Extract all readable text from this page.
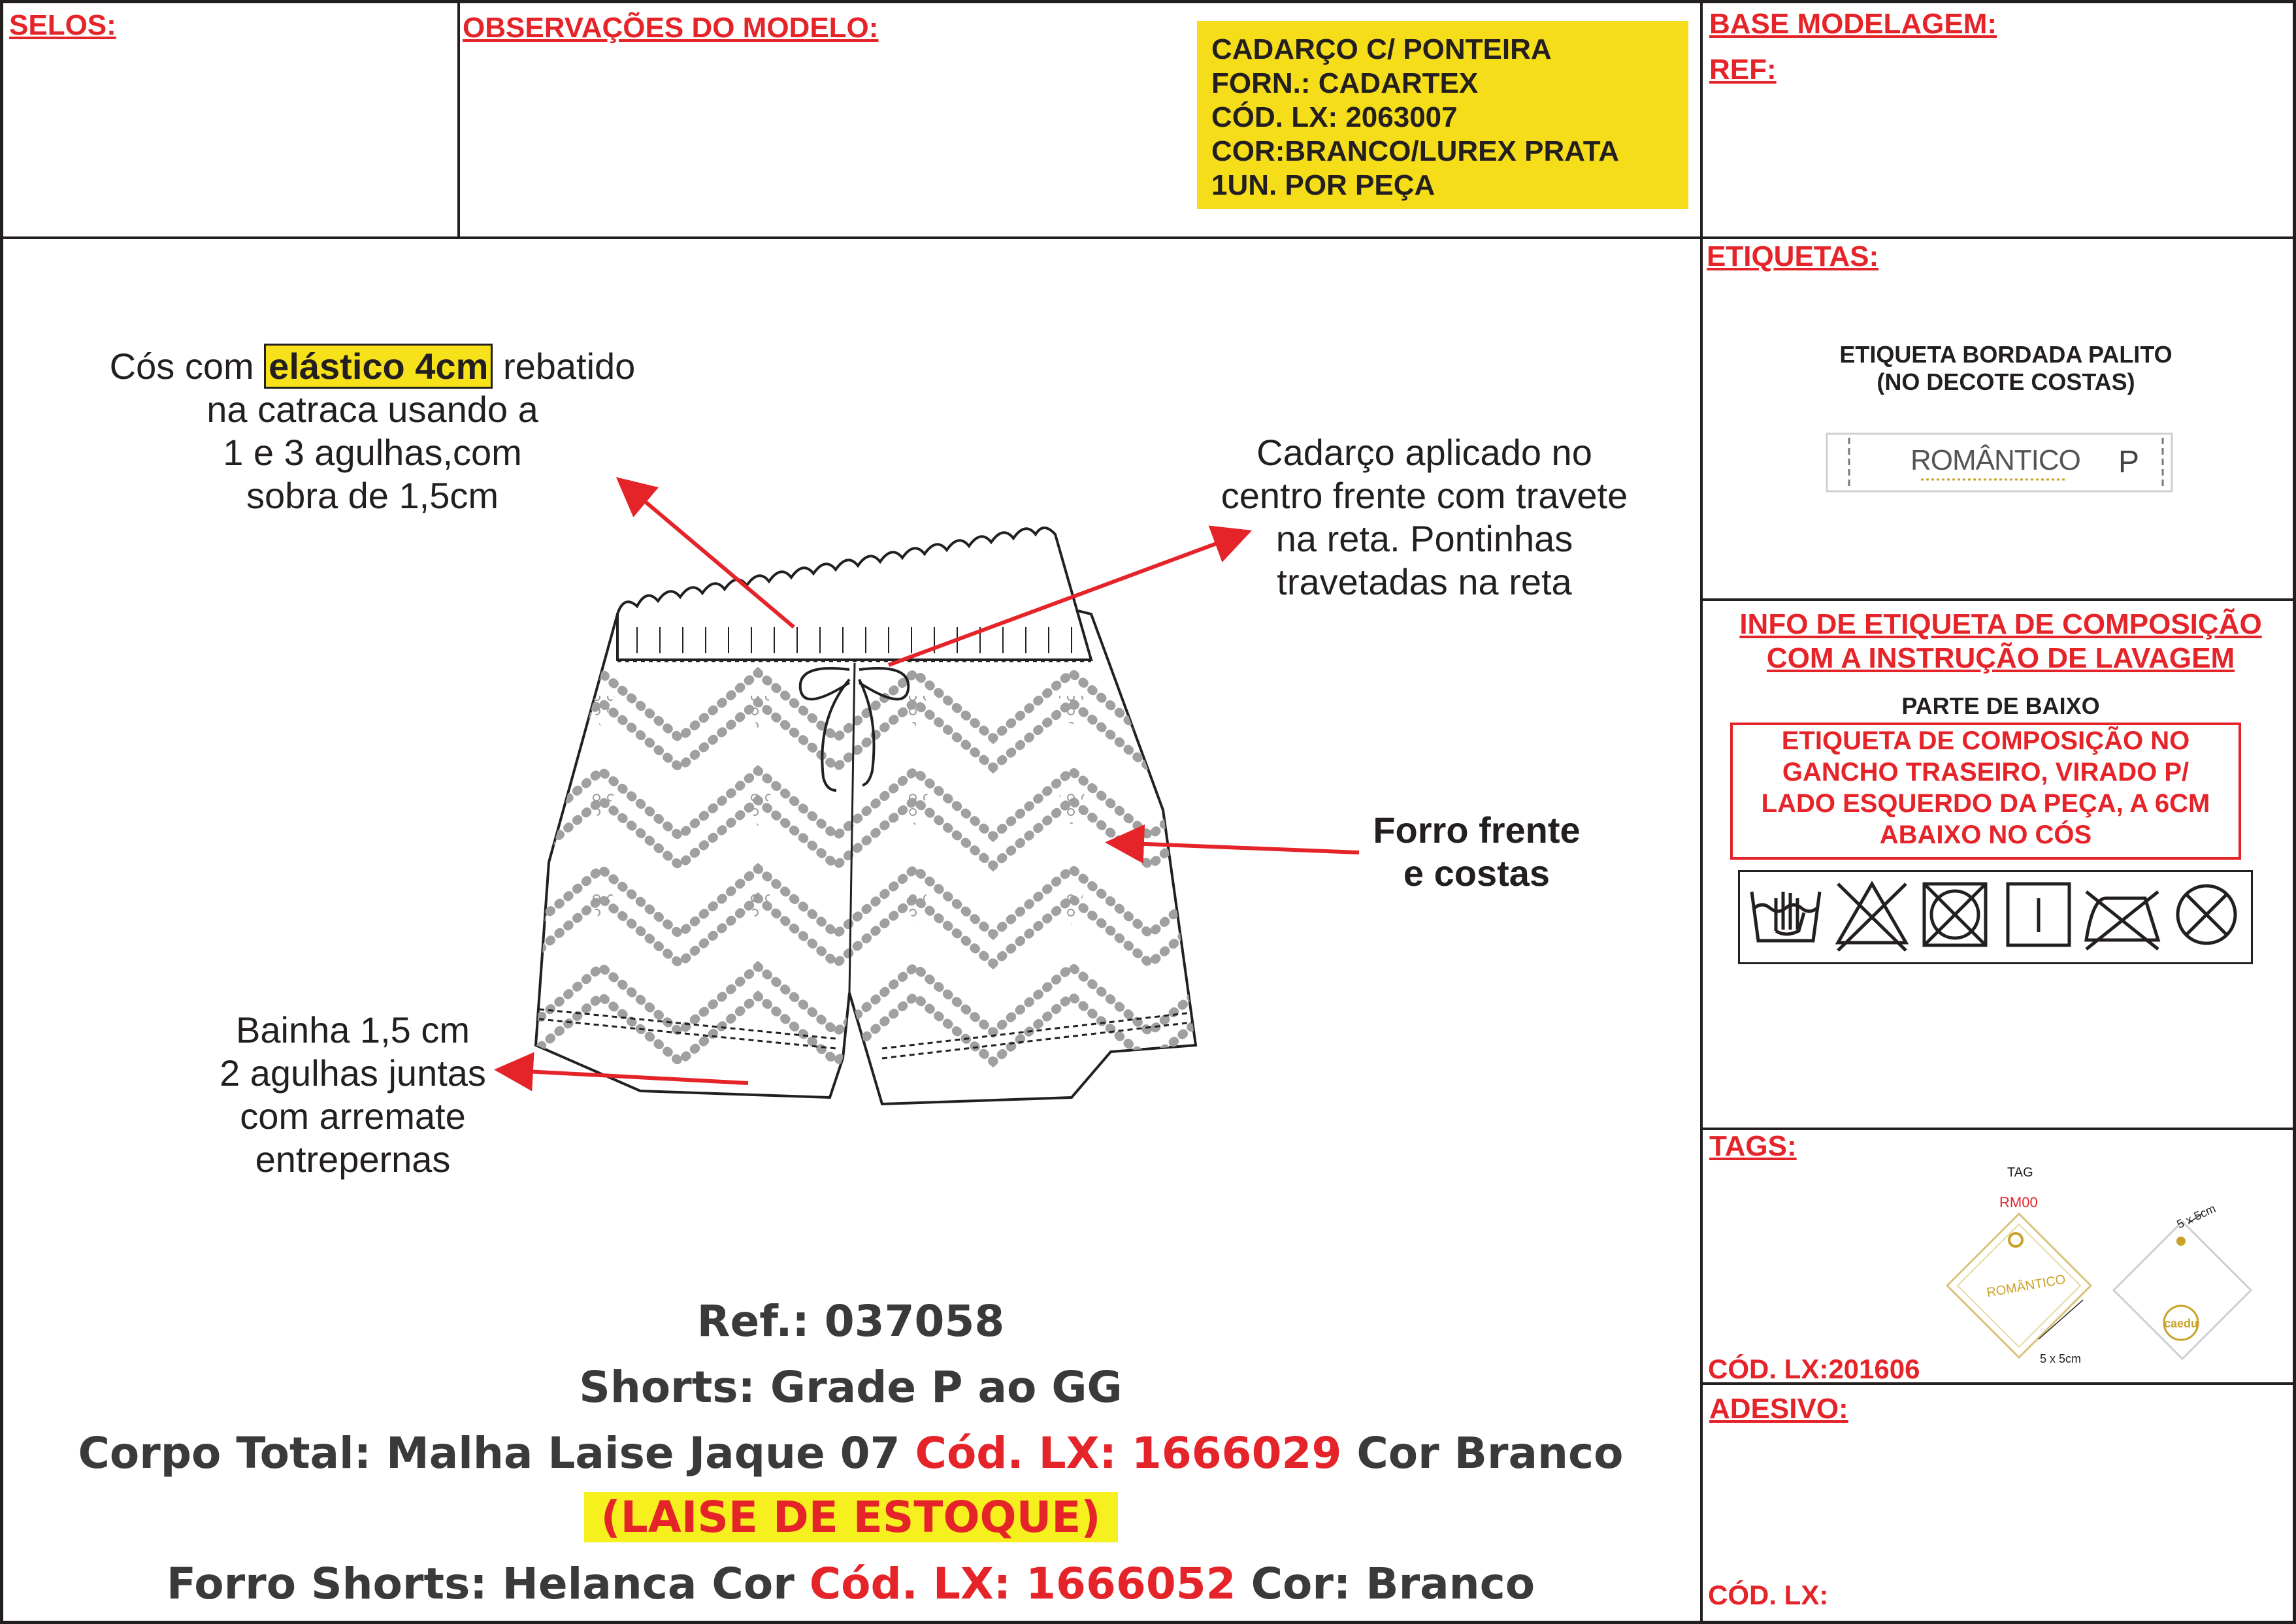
SELOS:	OBSERVAÇÕES DO MODELO:
CADARÇO C/ PONTEIRA
FORN.: CADARTEX
CÓD. LX: 2063007
COR:BRANCO/LUREX PRATA
1UN. POR PEÇA
BASE MODELAGEM:
REF:
Cós com elástico 4cm rebatido
na catraca usando a
1 e 3 agulhas,com
sobra de 1,5cm
Cadarço aplicado no
centro frente com travete
na reta. Pontinhas
travetadas na reta
Forro frente
e costas
Bainha 1,5 cm
2 agulhas juntas
com arremate
entrepernas
Ref.: 037058
Shorts: Grade P ao GG
Corpo Total: Malha Laise Jaque 07 Cód. LX: 1666029 Cor Branco
(LAISE DE ESTOQUE)
Forro Shorts: Helanca Cor Cód. LX: 1666052 Cor: Branco
ETIQUETAS:
ETIQUETA BORDADA PALITO
(NO DECOTE COSTAS)
ROMÂNTICO P
INFO DE ETIQUETA DE COMPOSIÇÃO
COM A INSTRUÇÃO DE LAVAGEM
PARTE DE BAIXO
ETIQUETA DE COMPOSIÇÃO NO
GANCHO TRASEIRO, VIRADO P/
LADO ESQUERDO DA PEÇA, A 6CM
ABAIXO NO CÓS
TAGS:
TAG
RM00
ROMÂNTICO
5 x 5cm
5 x 5cm
caedu
CÓD. LX:201606
ADESIVO:
CÓD. LX:
